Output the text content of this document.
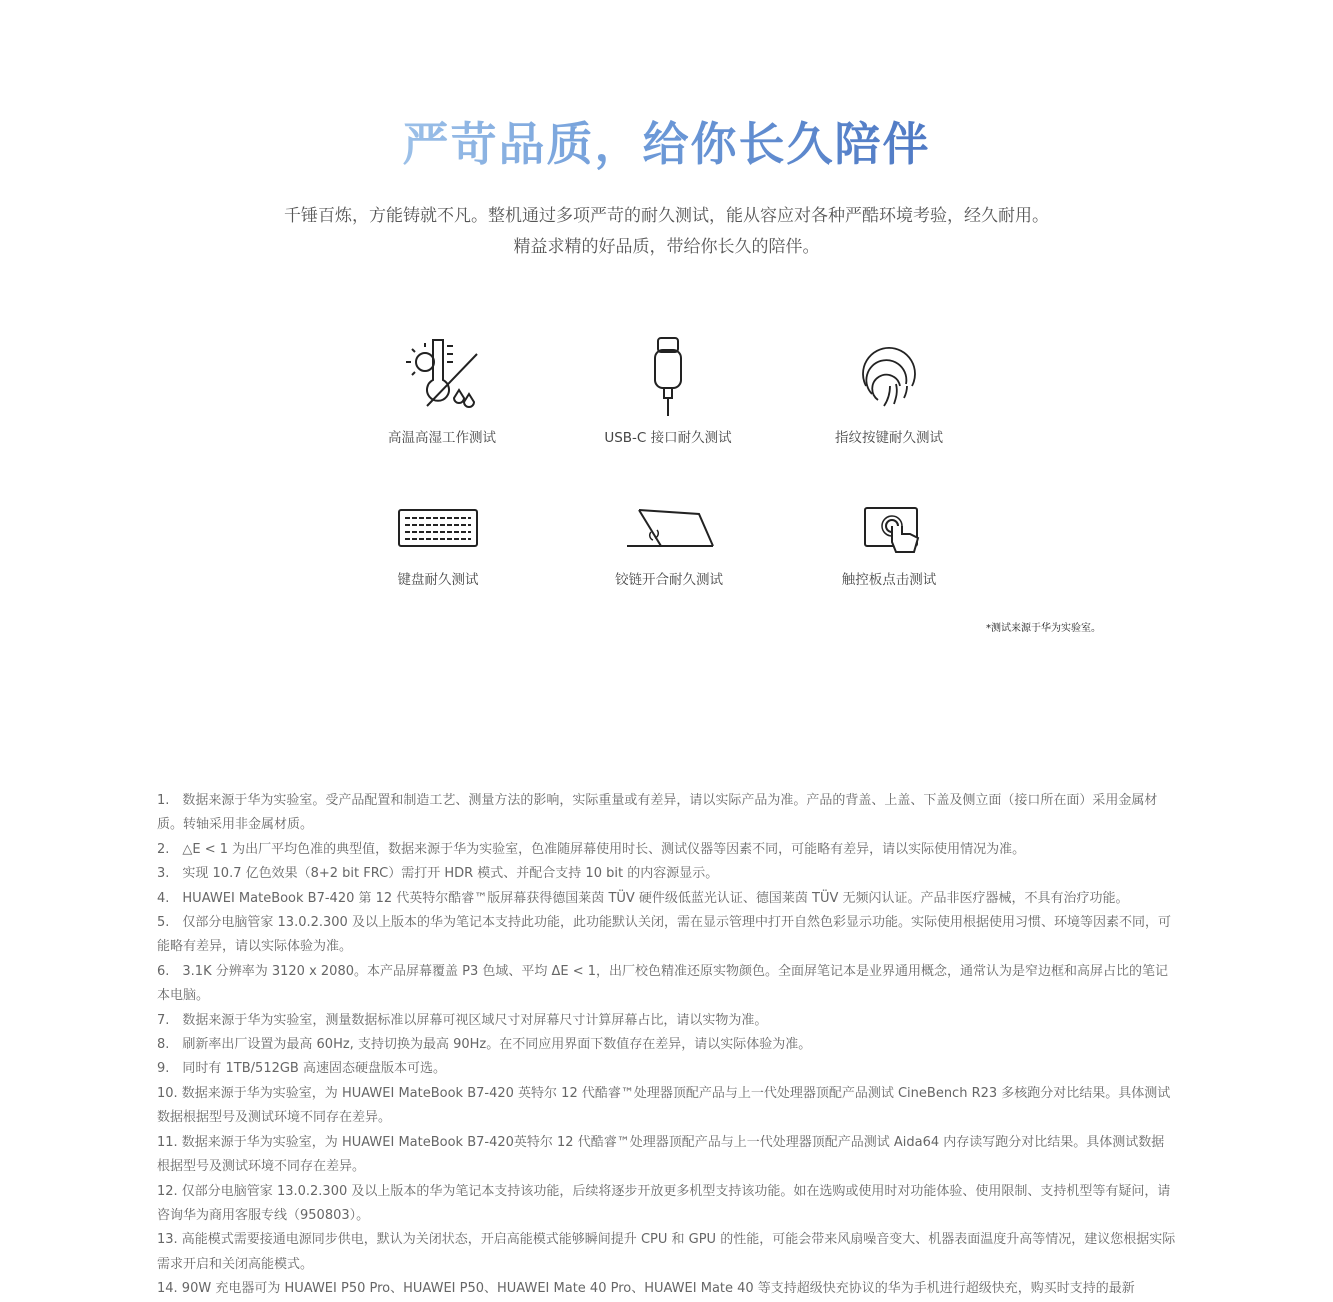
严苛品质，给你长久陪伴
千锤百炼，方能铸就不凡。整机通过多项严苛的耐久测试，能从容应对各种严酷环境考验，经久耐用。
精益求精的好品质，带给你长久的陪伴。
高温高湿工作测试	USB-C 接口耐久测试	指纹按键耐久测试
键盘耐久测试	铰链开合耐久测试	触控板点击测试
*测试来源于华为实验室。

1.　数据来源于华为实验室。受产品配置和制造工艺、测量方法的影响，实际重量或有差异，请以实际产品为准。产品的背盖、上盖、下盖及侧立面（接口所在面）采用金属材质。转轴采用非金属材质。

2.　△E < 1 为出厂平均色准的典型值，数据来源于华为实验室，色准随屏幕使用时长、测试仪器等因素不同，可能略有差异，请以实际使用情况为准。

3.　实现 10.7 亿色效果（8+2 bit FRC）需打开 HDR 模式、并配合支持 10 bit 的内容源显示。

4.　HUAWEI MateBook B7-420 第 12 代英特尔酷睿™版屏幕获得德国莱茵 TÜV 硬件级低蓝光认证、德国莱茵 TÜV 无频闪认证。产品非医疗器械，不具有治疗功能。

5.　仅部分电脑管家 13.0.2.300 及以上版本的华为笔记本支持此功能，此功能默认关闭，需在显示管理中打开自然色彩显示功能。实际使用根据使用习惯、环境等因素不同，可能略有差异，请以实际体验为准。

6.　3.1K 分辨率为 3120 x 2080。本产品屏幕覆盖 P3 色域、平均 ΔE < 1，出厂校色精准还原实物颜色。全面屏笔记本是业界通用概念，通常认为是窄边框和高屏占比的笔记本电脑。

7.　数据来源于华为实验室，测量数据标准以屏幕可视区域尺寸对屏幕尺寸计算屏幕占比，请以实物为准。

8.　刷新率出厂设置为最高 60Hz, 支持切换为最高 90Hz。在不同应用界面下数值存在差异，请以实际体验为准。

9.　同时有 1TB/512GB 高速固态硬盘版本可选。

10. 数据来源于华为实验室，为 HUAWEI MateBook B7-420 英特尔 12 代酷睿™处理器顶配产品与上一代处理器顶配产品测试 CineBench R23 多核跑分对比结果。具体测试数据根据型号及测试环境不同存在差异。

11. 数据来源于华为实验室，为 HUAWEI MateBook B7-420英特尔 12 代酷睿™处理器顶配产品与上一代处理器顶配产品测试 Aida64 内存读写跑分对比结果。具体测试数据根据型号及测试环境不同存在差异。

12. 仅部分电脑管家 13.0.2.300 及以上版本的华为笔记本支持该功能，后续将逐步开放更多机型支持该功能。如在选购或使用时对功能体验、使用限制、支持机型等有疑问，请咨询华为商用客服专线（950803）。

13. 高能模式需要接通电源同步供电，默认为关闭状态，开启高能模式能够瞬间提升 CPU 和 GPU 的性能，可能会带来风扇噪音变大、机器表面温度升高等情况，建议您根据实际需求开启和关闭高能模式。

14. 90W 充电器可为 HUAWEI P50 Pro、HUAWEI P50、HUAWEI Mate 40 Pro、HUAWEI Mate 40 等支持超级快充协议的华为手机进行超级快充，购买时支持的最新
